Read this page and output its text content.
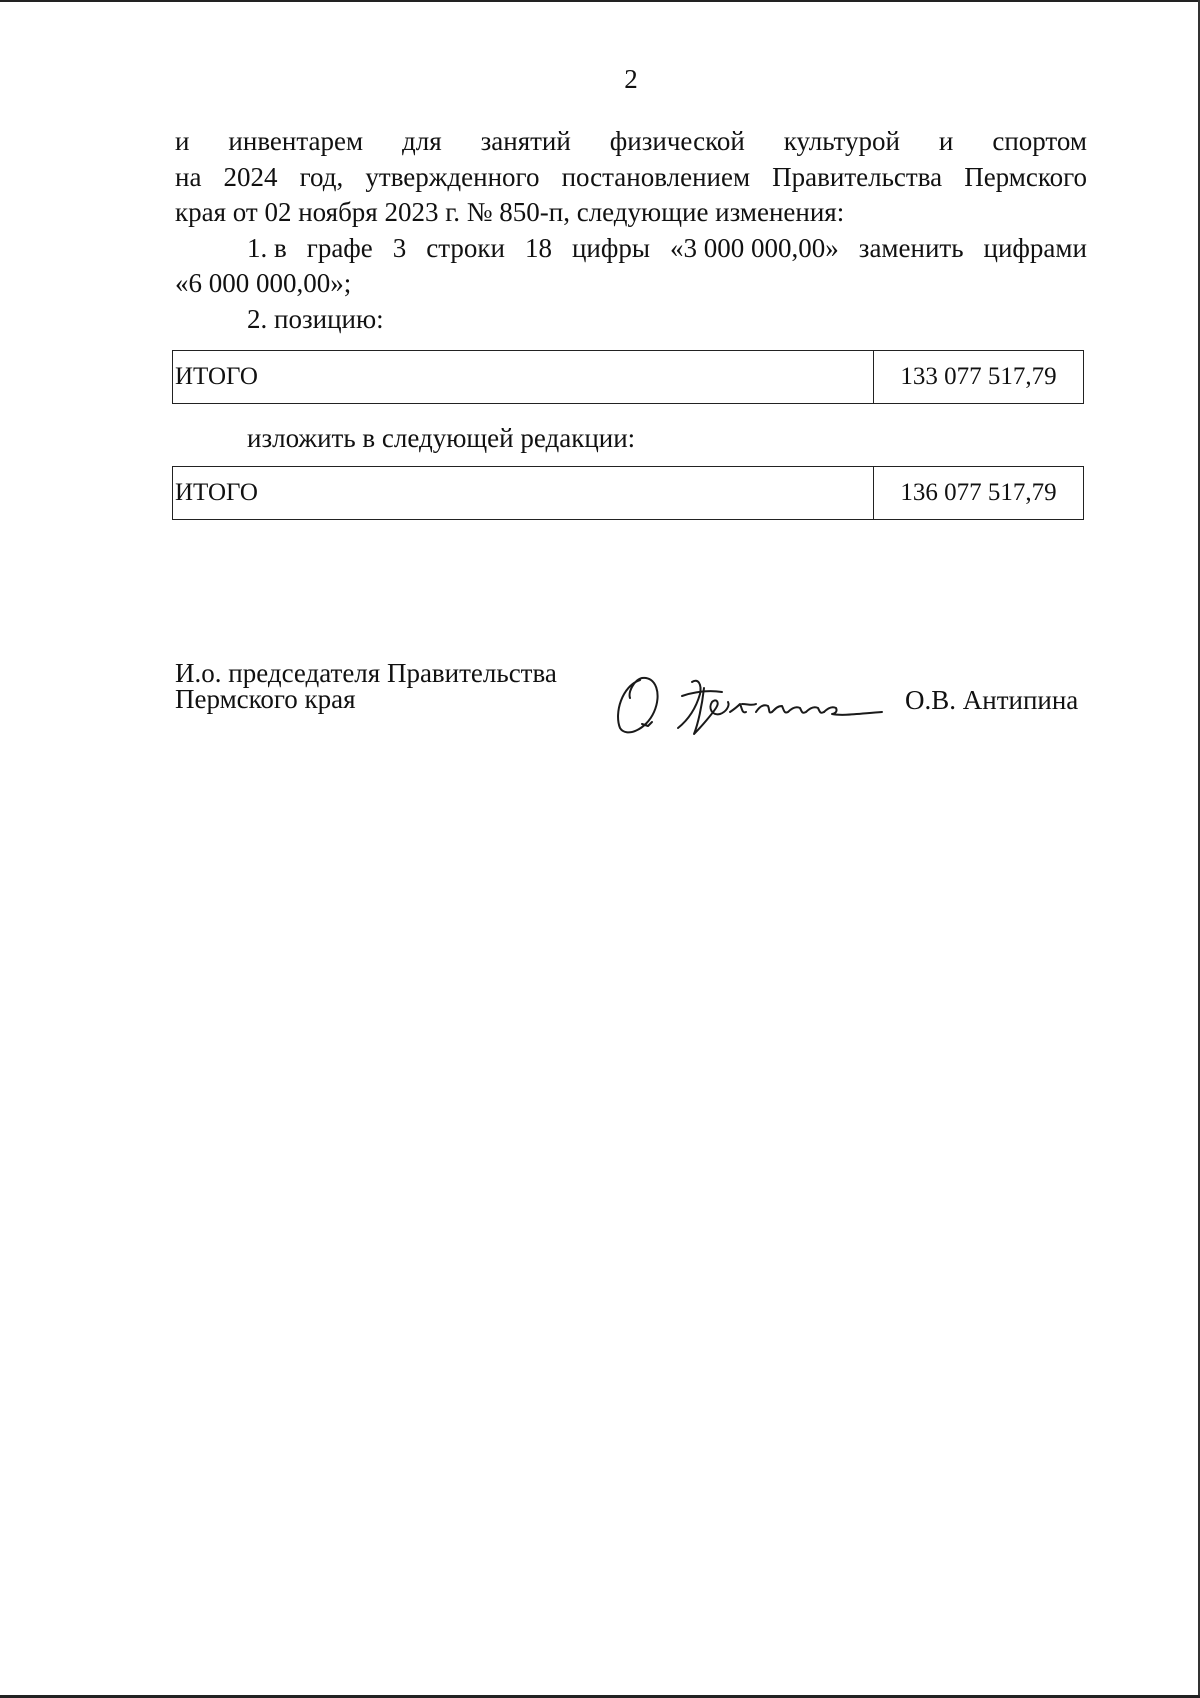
2
и инвентарем для занятий физической культурой и спортом
на 2024 год, утвержденного постановлением Правительства Пермского
края от 02 ноября 2023 г. № 850-п, следующие изменения:
1. в графе 3 строки 18 цифры «3 000 000,00» заменить цифрами
«6 000 000,00»;
2. позицию:
ИТОГО	133 077 517,79
изложить в следующей редакции:
ИТОГО	136 077 517,79
И.о. председателя Правительства
Пермского края	О.В. Антипина
